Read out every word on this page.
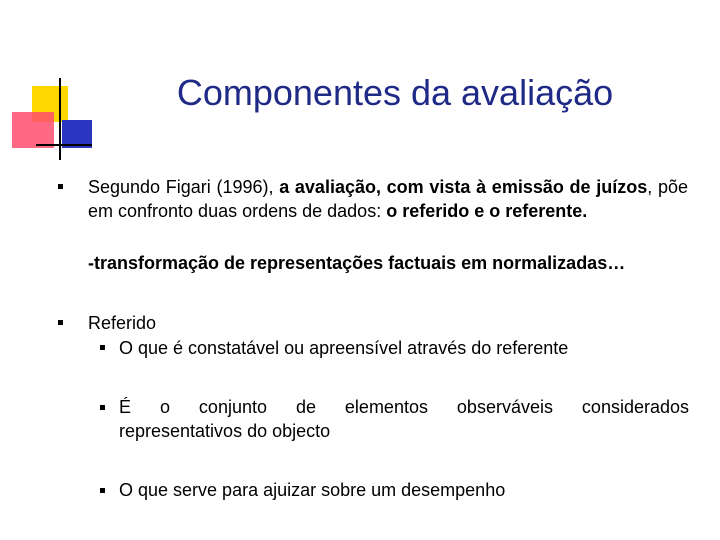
Componentes da avaliação

Segundo Figari (1996), a avaliação, com vista à emissão de juízos, põe em confronto duas ordens de dados: o referido e o referente.

-transformação de representações factuais em normalizadas…

Referido

O que é constatável ou apreensível através do referente

É o conjunto de elementos observáveis considerados

representativos do objecto

O que serve para ajuizar sobre um desempenho
